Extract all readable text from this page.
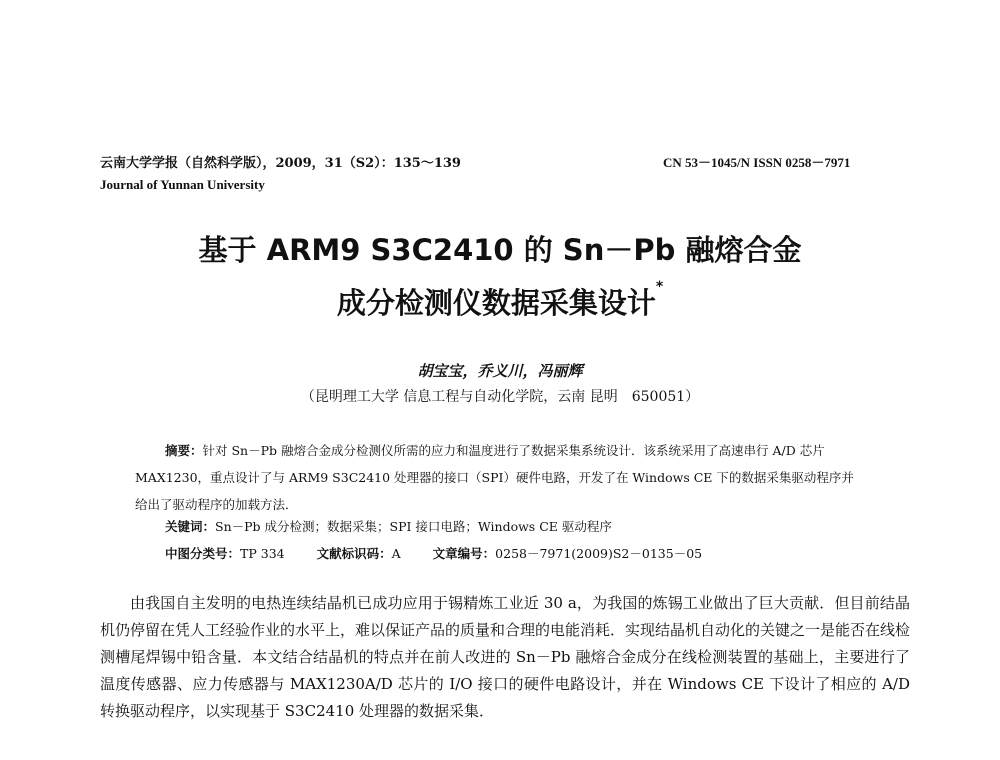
云南大学学报（自然科学版），2009，31（S2）：135～139	CN 53－1045/N ISSN 0258－7971
Journal of Yunnan University
基于 ARM9 S3C2410 的 Sn－Pb 融熔合金
成分检测仪数据采集设计*
胡宝宝，乔义川，冯丽辉
（昆明理工大学 信息工程与自动化学院，云南 昆明　650051）
摘要：针对 Sn－Pb 融熔合金成分检测仪所需的应力和温度进行了数据采集系统设计．该系统采用了高速串行 A/D 芯片 MAX1230，重点设计了与 ARM9 S3C2410 处理器的接口（SPI）硬件电路，开发了在 Windows CE 下的数据采集驱动程序并给出了驱动程序的加载方法．
关键词：Sn－Pb 成分检测；数据采集；SPI 接口电路；Windows CE 驱动程序
中图分类号：TP 334	文献标识码：A	文章编号：0258－7971(2009)S2－0135－05
由我国自主发明的电热连续结晶机已成功应用于锡精炼工业近 30 a，为我国的炼锡工业做出了巨大贡献．但目前结晶机仍停留在凭人工经验作业的水平上，难以保证产品的质量和合理的电能消耗．实现结晶机自动化的关键之一是能否在线检测槽尾焊锡中铅含量．本文结合结晶机的特点并在前人改进的 Sn－Pb 融熔合金成分在线检测装置的基础上，主要进行了温度传感器、应力传感器与 MAX1230A/D 芯片的 I/O 接口的硬件电路设计，并在 Windows CE 下设计了相应的 A/D 转换驱动程序，以实现基于 S3C2410 处理器的数据采集．
